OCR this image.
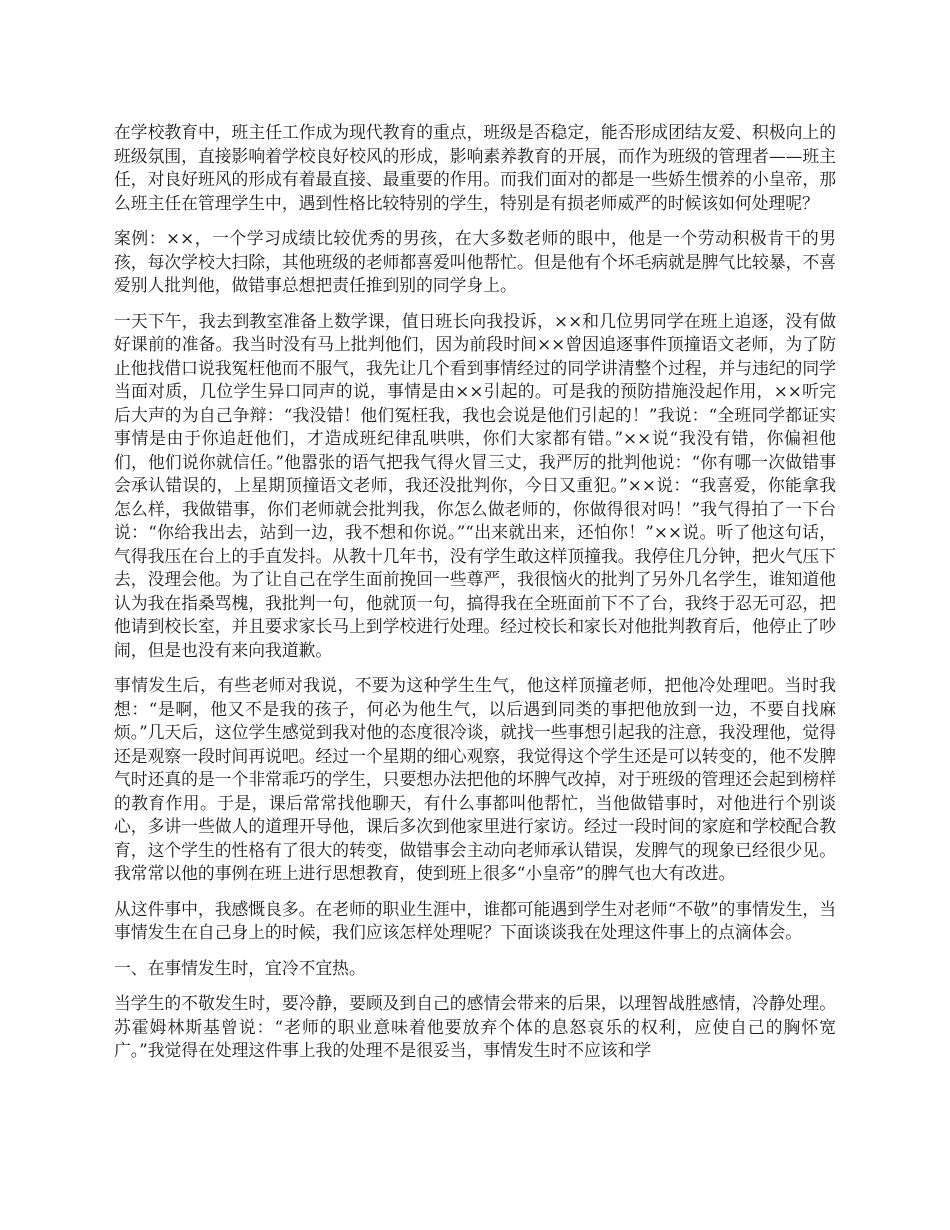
在学校教育中，班主任工作成为现代教育的重点，班级是否稳定，能否形成团结友爱、积极向上的班级氛围，直接影响着学校良好校风的形成，影响素养教育的开展，而作为班级的管理者——班主任，对良好班风的形成有着最直接、最重要的作用。而我们面对的都是一些娇生惯养的小皇帝，那么班主任在管理学生中，遇到性格比较特别的学生，特别是有损老师威严的时候该如何处理呢？

案例：××，一个学习成绩比较优秀的男孩，在大多数老师的眼中，他是一个劳动积极肯干的男孩，每次学校大扫除，其他班级的老师都喜爱叫他帮忙。但是他有个坏毛病就是脾气比较暴，不喜爱别人批判他，做错事总想把责任推到别的同学身上。

一天下午，我去到教室准备上数学课，值日班长向我投诉，××和几位男同学在班上追逐，没有做好课前的准备。我当时没有马上批判他们，因为前段时间××曾因追逐事件顶撞语文老师，为了防止他找借口说我冤枉他而不服气，我先让几个看到事情经过的同学讲清整个过程，并与违纪的同学当面对质，几位学生异口同声的说，事情是由××引起的。可是我的预防措施没起作用，××听完后大声的为自己争辩：“我没错！他们冤枉我，我也会说是他们引起的！”我说：“全班同学都证实事情是由于你追赶他们，才造成班纪律乱哄哄，你们大家都有错。”××说“我没有错，你偏袒他们，他们说你就信任。”他嚣张的语气把我气得火冒三丈，我严厉的批判他说：“你有哪一次做错事会承认错误的，上星期顶撞语文老师，我还没批判你，今日又重犯。”××说：“我喜爱，你能拿我怎么样，我做错事，你们老师就会批判我，你怎么做老师的，你做得很对吗！”我气得拍了一下台说：“你给我出去，站到一边，我不想和你说。”“出来就出来，还怕你！”××说。听了他这句话，气得我压在台上的手直发抖。从教十几年书，没有学生敢这样顶撞我。我停住几分钟，把火气压下去，没理会他。为了让自己在学生面前挽回一些尊严，我很恼火的批判了另外几名学生，谁知道他认为我在指桑骂槐，我批判一句，他就顶一句，搞得我在全班面前下不了台，我终于忍无可忍，把他请到校长室，并且要求家长马上到学校进行处理。经过校长和家长对他批判教育后，他停止了吵闹，但是也没有来向我道歉。

事情发生后，有些老师对我说，不要为这种学生生气，他这样顶撞老师，把他冷处理吧。当时我想：“是啊，他又不是我的孩子，何必为他生气，以后遇到同类的事把他放到一边，不要自找麻烦。”几天后，这位学生感觉到我对他的态度很冷谈，就找一些事想引起我的注意，我没理他，觉得还是观察一段时间再说吧。经过一个星期的细心观察，我觉得这个学生还是可以转变的，他不发脾气时还真的是一个非常乖巧的学生，只要想办法把他的坏脾气改掉，对于班级的管理还会起到榜样的教育作用。于是，课后常常找他聊天，有什么事都叫他帮忙，当他做错事时，对他进行个别谈心，多讲一些做人的道理开导他，课后多次到他家里进行家访。经过一段时间的家庭和学校配合教育，这个学生的性格有了很大的转变，做错事会主动向老师承认错误，发脾气的现象已经很少见。我常常以他的事例在班上进行思想教育，使到班上很多“小皇帝”的脾气也大有改进。

从这件事中，我感慨良多。在老师的职业生涯中，谁都可能遇到学生对老师“不敬”的事情发生，当事情发生在自己身上的时候，我们应该怎样处理呢？下面谈谈我在处理这件事上的点滴体会。

一、在事情发生时，宜冷不宜热。

当学生的不敬发生时，要冷静，要顾及到自己的感情会带来的后果，以理智战胜感情，冷静处理。苏霍姆林斯基曾说：“老师的职业意味着他要放弃个体的息怒哀乐的权利，应使自己的胸怀宽广。”我觉得在处理这件事上我的处理不是很妥当，事情发生时不应该和学
